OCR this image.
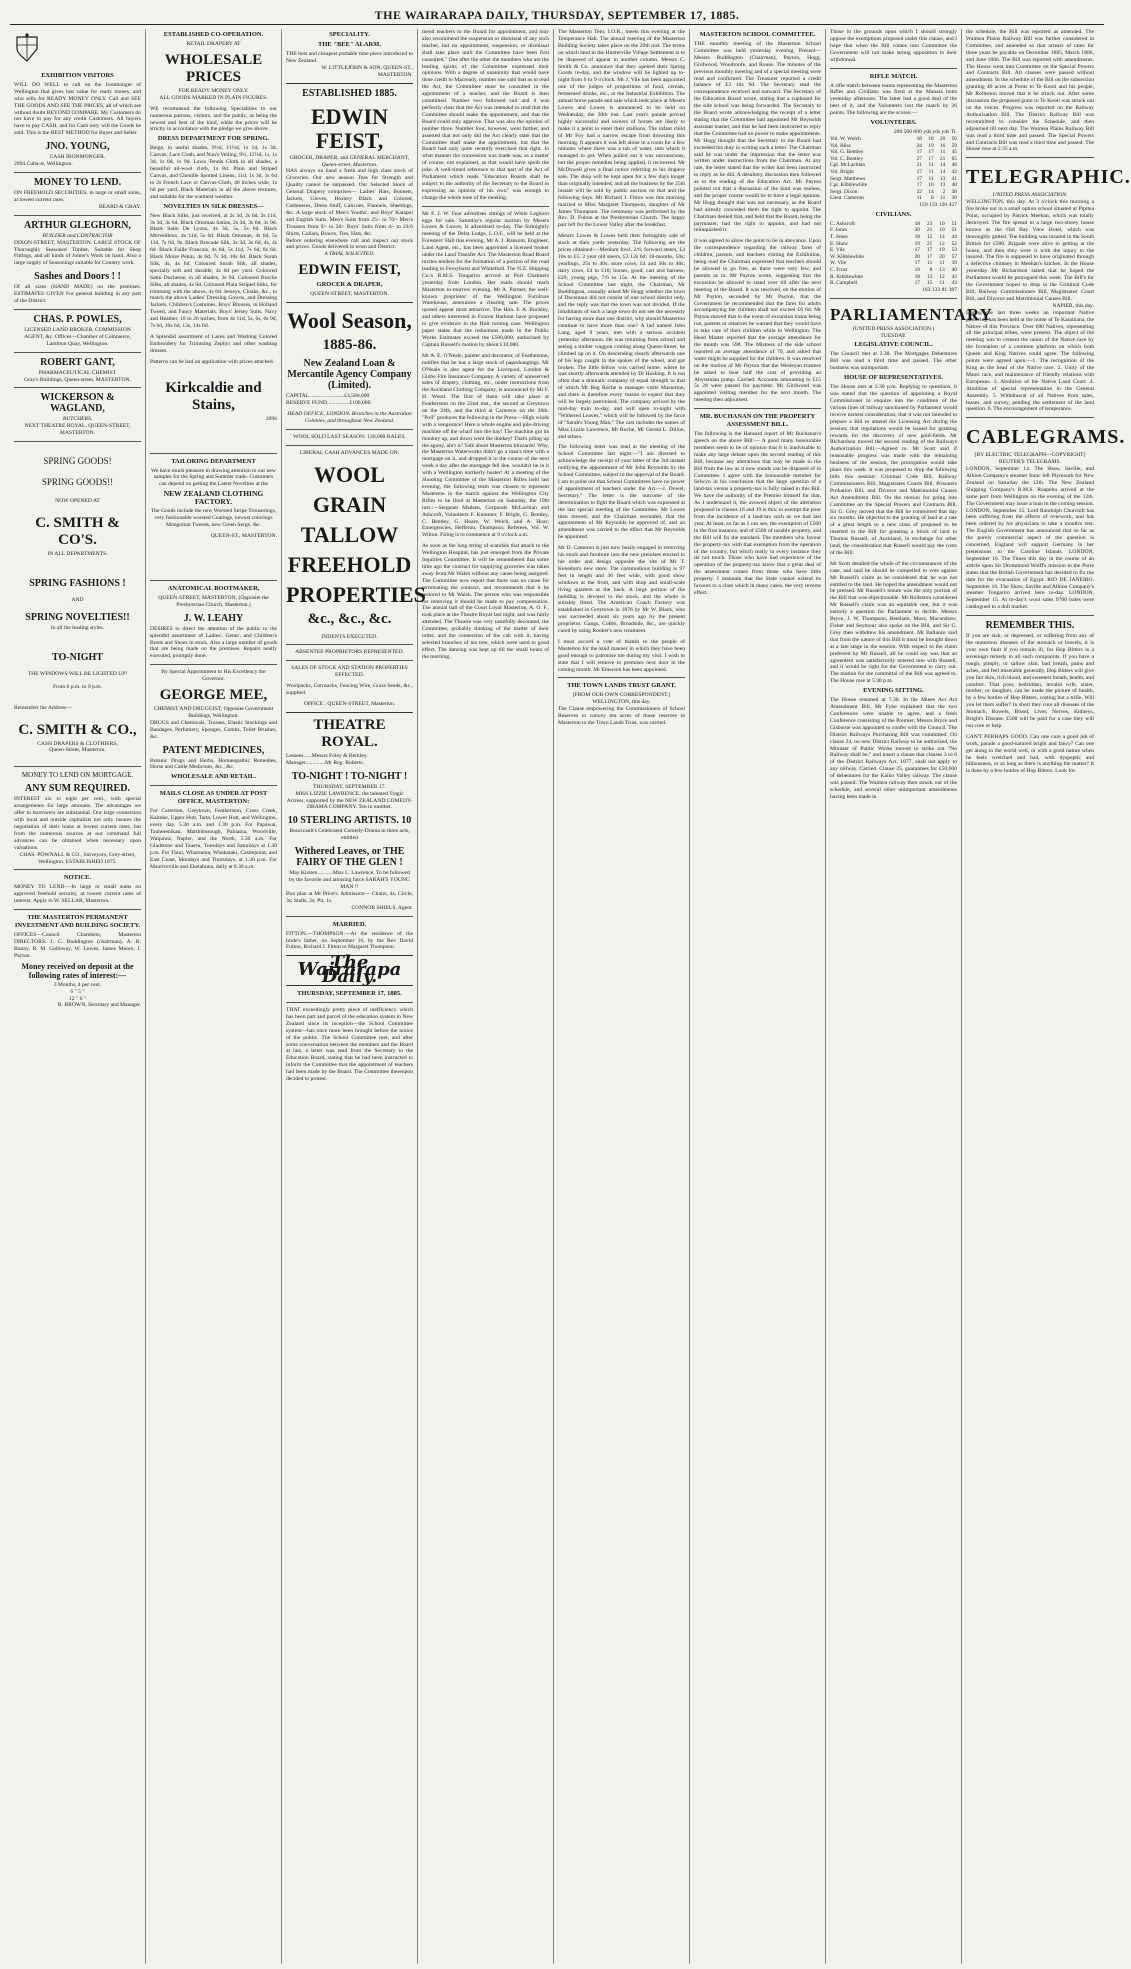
THE WAIRARAPA DAILY, THURSDAY, SEPTEMBER 17, 1885.
EXHIBITION VISITORS
WILL DO WELL to call on the Ironmonger of Wellington that gives lost value for ready money, and who sells for READY MONEY ONLY. Call and SEE THE GOODS AND SEE THE PRICES, all of which are without doubt BEYOND COMPARE. My Customers do not have to pay for any credit Customers. All buyers have to pay CASH, and for Cash only will the Goods be sold. This is the BEST METHOD for Buyer and Seller.
JNO. YOUNG,
CASH IRONMONGER.
2094 Cuba-st, Wellington.
MONEY TO LEND.
ON FREEHOLD SECURITIES, in large or small sums, at lowest current rates.
BEARD & GRAY.
ARTHUR GLEGHORN,
BUILDER and CONTRACTOR
DIXON-STREET, MASTERTON. LARGE STOCK OF Thoroughly Seasoned Timber, Suitable for Shop Fittings, and all kinds of Joiner's Work on hand. Also a large supply of Seasonings suitable for Country work.
Sashes and Doors ! !
Of all sizes (HAND MADE) on the premises. ESTIMATES GIVEN For general building in any part of the District.
CHAS. P. POWLES,
LICENSED LAND BROKER, COMMISSION AGENT, &c. Offices—Chamber of Commerce, Lambton Quay, Wellington.
ROBERT GANT,
PHARMACEUTICAL CHEMIST
Gray's Buildings, Queen-street, MASTERTON.
WICKERSON & WAGLAND,
BUTCHERS,
NEXT THEATRE ROYAL, QUEEN-STREET, MASTERTON.
SPRING GOODS!
SPRING GOODS!!
NOW OPENED AT
C. SMITH & CO'S.
IN ALL DEPARTMENTS.
SPRING FASHIONS !
AND
SPRING NOVELTIES!!
In all the leading styles.
TO-NIGHT
THE WINDOWS WILL BE LIGHTED UP!
From 6 p.m. to 9 p.m.
Remember the Address—
C. SMITH & CO.,
CASH DRAPERS & CLOTHIERS,
Queen-Street, Masterton.
MONEY TO LEND ON MORTGAGE.
ANY SUM REQUIRED.
INTEREST six to eight per cent., with special arrangements for large amounts. The advantages we offer to borrowers are substantial. Our large connection with local and outside capitalists not only insures the negotiation of their loans at lowest current rates, but from the numerous sources at our command full advances can be obtained when necessary upon valuations.
CHAS. POWNALL & CO., Surveyors, Grey-street, Wellington. ESTABLISHED 1875.
NOTICE.
MONEY TO LEND.—In large or small sums on approved freehold security, at lowest current rates of interest. Apply to W. SELLAR, Masterton.
THE MASTERTON PERMANENT INVESTMENT AND BUILDING SOCIETY.
OFFICES—Council Chambers, Masterton DIRECTORS: J. C. Boddington (chairman), A. R. Bunny, R. M. Galloway, W. Lowes, James Moore, J. Payton.
Money received on deposit at the following rates of interest:—
3 Months, 4 per cent.
6 " 5 "
12 " 6 "
R. BROWN, Secretary and Manager.
ESTABLISHED CO-OPERATION.
RETAIL DRAPERY AT
WHOLESALE PRICES
FOR READY MONEY ONLY.
ALL GOODS MARKED IN PLAIN FIGURES.
WE recommend the following Specialities to our numerous patrons, visitors, and the public, as being the newest and best of the kind, while the prices will be strictly in accordance with the pledge we give above.
DRESS DEPARTMENT FOR SPRING.
Beige, in useful shades, 9½d, 11½d, 1s 1d, 1s 3d. Canvas, Lace Cloth, and Nun's Veiling, 9½, 11½d, 1s, 1s 3d, 1s 6d, 1s 9d. Lawn Tennis Cloth in all shades, a beautiful all-wool cloth, 1s 8d. Plain and Striped Canvas, and Chenille Spotted Linens, 11d, 1s 3d, 1s 6d to 2s French Lace or Canvas-Cloth, 40 inches wide, 1s 6d per yard. Black Materials in all the above textures, and suitable for the warmest weather.
NOVELTIES IN SILK DRESSES—
New Black Silks, just received, at 2s 3d, 2s 6d, 2s 11d, 3s 3d, 3s 6d. Black Ottoman Satins, 2s 3d, 3s 6d, 3s 9d. Black Satin De Lyons, 4s 3d, 5s, 5s 6d. Black Merveilleux, 4s 11d, 5s 6d. Black Ottoman, 4s 6d, 5s 11d, 7s 6d, 9s. Black Brocade Silk, 3s 3d, 3s 6d, 4s, 4s 6d. Black Faille Francais, 4s 6d, 5s 11d, 7s 6d, 8s 6d. Black Moire Pekin, 4s 6d, 7s 3d, 10s 6d. Black Surah Silk, 4s, 4s 6d. Coloured Surah Silk, all shades, specially soft and durable, 4s 6d per yard. Coloured Satin Duchesse, in all shades, 3s 9d. Coloured Broche Silks, all shades, 4s 9d. Coloured Plain Striped Silks, for trimming with the above, 4s 6d. Jerseys, Cloaks, &c., to match the above Ladies' Dressing Gowns, and Dressing Jackets. Children's Costumes, Boys' Blouses, in Holland Tweed, and Fancy Materials. Boys' Jersey Suits, Navy and Heather, 18 to 26 inches, from 4s 11d, 5s, 6s, 6s 9d, 7s 6d, 10s 6d, 13s, 14s 6d.
A Splendid assortment of Laces and Washing Colored Embroidery for Trimming Zephyr and other washing dresses.
Patterns can be had on application with prices attached.
Kirkcaldie and Stains,
2096
TAILORING DEPARTMENT
We have much pleasure in drawing attention to our new samples for the Spring and Summer trade. Customers can depend on getting the Latest Novelties at the
NEW ZEALAND CLOTHING FACTORY.
The Goods include the new Worsted Stripe Trouserings, very fashionable worsted Coatings, newest colorings Mongolian Tweeds, new Green Serge, &c.
QUEEN-ST., MASTERTON.
ANATOMICAL BOOTMAKER,
QUEEN-STREET, MASTERTON, (Opposite the Presbyterian Church, Masterton.)
J. W. LEAHY
DESIRES to direct the attention of the public to the splendid assortment of Ladies', Gents', and Children's Boots and Shoes in stock. Also a large number of goods that are being made on the premises. Repairs neatly executed, promptly done.
By Special Appointment to His Excellency the Governor.
GEORGE MEE,
CHEMIST AND DRUGGIST, Opposite Government Buildings, Wellington.
DRUGS and Chemicals, Trusses, Elastic Stockings and Bandages, Perfumery, Sponges, Combs, Toilet Brushes, &c.
PATENT MEDICINES,
Botanic Drugs and Herbs, Homœopathic Remedies, Horse and Cattle Medicines, &c., &c.
WHOLESALE AND RETAIL.
MAILS CLOSE AS UNDER AT POST OFFICE, MASTERTON:
For Carterton, Greytown, Featherston, Cross Creek, Kaitoke, Upper Hutt, Taita, Lower Hutt, and Wellington, every day, 5.30 a.m. and 1.30 p.m. For Papawai, Tauherenikau, Martinborough, Pahiatua, Woodville, Waipawa, Napier, and the North, 5.30 a.m. For Gladstone and Taueru, Tuesdays and Saturdays at 1.30 p.m. For Tinui, Whareama, Whakataki, Castlepoint, and East Coast, Mondays and Thursdays, at 1.30 p.m. For Mauriceville and Eketahuna, daily at 8.30 a.m.
SPECIALITY.
THE "BEE" ALARM.
THE best and cheapest portable time piece introduced to New Zealand.
W. LITTLEJOHN & SON, QUEEN-ST., MASTERTON.
ESTABLISHED 1885.
EDWIN FEIST,
GROCER, DRAPER, and GENERAL MERCHANT,
Queen-street, Masterton.
HAS always on hand a fresh and high class stock of Groceries. Our new season Teas for Strength and Quality cannot be surpassed. Our Selected Stock of General Drapery comprises— Ladies' Hats, Bonnets, Jackets, Gloves, Hosiery Black and Colored, Cashmeres, Dress Stuff, Calicoes, Flannels, Sheetings, &c. A large stock of Men's Youths', and Boys' Kaiapoi and English Suits. Men's Suits from 25/- to 70/- Men's Trousers from 9/- to 20/- Boys' Suits from 4/- to 24/6 Shirts, Collars, Braces, Ties, Hats, &c.
Before ordering elsewhere call and inspect our stock and prices. Goods delivered in town and District.
A TRIAL SOLICITED.
EDWIN FEIST,
GROCER & DRAPER,
QUEEN-STREET, MASTERTON.
Wool Season,
1885-86.
New Zealand Loan & Mercantile Agency Company (Limited).
CAPITAL.........................£3,500,000
RESERVE FUND................£100,000.
HEAD OFFICE, LONDON. Branches in the Australian Colonies, and throughout New Zealand.
WOOL SOLD LAST SEASON: 130,000 BALES.
LIBERAL CASH ADVANCES MADE ON:
WOOL
GRAIN
TALLOW
FREEHOLD
PROPERTIES
&c., &c., &c.
INDENTS EXECUTED.
ABSENTEE PROPRIETORS REPRESENTED.
SALES OF STOCK AND STATION PROPERTIES EFFECTED.
Woolpacks, Cornsacks, Fencing Wire, Grass Seeds, &c., supplied.
OFFICE : QUEEN-STREET, Masterton.
THEATRE ROYAL.
Lessees......Messrs Foley & Berkley. Manager..............Mr Reg. Roberts.
TO-NIGHT ! TO-NIGHT !
THURSDAY, SEPTEMBER 17.
MISS LIZZIE LAWRENCE, the talented Tragic Actress, supported by the NEW ZEALAND COMEDY-DRAMA COMPANY. Ten in number.
10 STERLING ARTISTS. 10
Boucicault's Celebrated Comedy-Drama in three acts, entitled
Withered Leaves, or THE FAIRY OF THE GLEN !
May Kirsten...........Miss L. Lawrence. To be followed by the favorite and amusing farce SARAH'S YOUNG MAN !!
Box plan at Mr Price's. Admission— Chairs, 4s; Circle, 3s; Stalls, 2s; Pit, 1s.
CONNOR SHIELS, Agent.
MARRIED.
FITTON.—THOMPSON.—At the residence of the bride's father, on September 16, by the Rev David Fulton, Richard J. Fitton to Margaret Thompson.
The Wairarapa Daily.
THURSDAY, SEPTEMBER 17, 1885.
THAT exceedingly pretty piece of inefficiency which has been part and parcel of the education system in New Zealand since its inception—the School Committee system—has once more been brought before the notice of the public. The School Committee met, and after some conversation between the members and the Board at last, a letter was read from the Secretary to the Education Board, stating that he had been instructed to inform the Committee that the appointment of teachers had been made by the Board. The Committee thereupon decided to protest.
mend teachers to the Board for appointment, and may also recommend the suspension or dismissal of any such teacher, but no appointment, suspension, or dismissal shall take place until the Committee have been first consulted." One after the other the members who are the leading spirits of the Committee expressed their opinions. With a degree of unanimity that would have done credit to Macready, number one said that as to read the Act, the Committee must be consulted in the appointment of a teacher, and the Board is then committed. Number two followed suit and it was perfectly clear that the Act was intended to read that the Committee should make the appointment, and that the Board could only approve. That was also the opinion of number three. Number four, however, went further, and asserted that not only did the Act clearly state that the Committee shall make the appointment, but that the Board had only quite recently exercised that right. In what manner the concession was made was, as a matter of course, not explained, as that would have spoilt the joke. A well-timed reference to that part of the Act of Parliament which reads "Education Boards shall be subject to the authority of the Secretary to the Board in expressing an opinion of his own" was enough to change the whole tone of the meeting.
Mr F. J. W. Fear advertises sittings of White Leghorn eggs for sale. Saturday's regular auction by Messrs Lowes & Lowes, is advertised to-day. The fortnightly meeting of the Delta Lodge, L.O.F., will be held at the Foresters' Hall this evening. Mr A. J. Ransom, Engineer, Land Agent, etc., has been appointed a licensed broker under the Land Transfer Act. The Masterton Road Board invites tenders for the formation of a portion of the road leading to Fernyhurst and Whiteford. The N.Z. Shipping Co.'s R.M.S. Tongariro arrived at Port Chalmers yesterday from London. Her mails should reach Masterton to-morrow evening. Mr A. Parmer, the well-known proprietor of the Wellington Furniture Warehouse, announces a clearing sale. The prices quoted appear most attractive. The Hon. F. A. Buckley, and others interested in Foxton Harbour have proposed to give evidence in the Hutt turning case. Wellington paper states that the reductions made in the Public Works Estimates exceed the £500,000, authorized by Captain Russell's motion by about £10,000.
Mr A. E. O'Neale, painter and decorator, of Featherston, notifies that he has a large stock of paperhangings. Mr O'Neale is also agent for the Liverpool, London & Globe Fire Insurance Company. A variety of unreserved sales of drapery, clothing, etc., under instructions from the Auckland Clothing Company, is announced by Mr F. H. Wood. The first of them will take place at Featherston on the 22nd inst., the second at Greytown on the 24th, and the third at Carterton on the 26th. "Poll" produces the following in the Press:—High winds with a vengeance! Here a whole engine and pile-driving machine off the wharf into the bay! The machine got its monkey up, and down went the donkey! That's piling up the agony, ain't it? Talk about Masterton blizzards! Why, the Masterton Waterworks didn't go a man's time with a mortgage on it, and dropped it in the course of the next week a day after the mortgage fell due, wouldn't be in it with a Wellington northerly buster! At a meeting of the Shooting Committee of the Masterton Rifles held last evening, the following team was chosen to represent Masterton in the match against the Wellington City Rifles to be fired at Masterton on Saturday, the 19th inst.:—Sergeant Madsen, Corporals McLachlan and Ashcroft, Volunteers F. Kummer, F. Bright, G. Bentley, C. Bentley, G. Hoare, W. Welch, and A. Hoar; Emergencies, Hefferon, Thompson; Referees, Vol. W. Wilton. Firing is to commence at 9 o'clock a.m.
As soon as the long string of scandals that attach to the Wellington Hospital, has just emerged from the Private Inquiries Committee. It will be remembered that some time ago the contract for supplying groceries was taken away from Mr Walsh without any cause being assigned. The Committee now report that there was no cause for terminating the contract, and recommends that it be restored to Mr Walsh. The person who was responsible for removing it should be made to pay compensation. The annual ball of the Court Loyal Masterton, A. O. F., took place at the Theatre Royal last night, and was fairly attended. The Theatre was very tastefully decorated, the Committee, probably thinking of the matter of their order, and the connection of the cab with it, having selected branches of tea tree, which were used to good effect. The dancing was kept up till the small hours of the morning.
The Masterton Tent, I.O.R., meets this evening at the Temperance Hall. The annual meeting of the Masterton Building Society takes place on the 29th inst. The terms on which land in the Hunterville Village Settlement is to be disposed of appear in another column. Messrs C. Smith & Co. announce that they opened their Spring Goods to-day, and the window will be lighted up to-night from 6 to 9 o'clock. Mr J. Vile has been appointed one of the judges of proportions of food, cereals, fermented drinks, etc., at the Industrial Exhibition. The annual horse parade and sale which took place at Messrs Lowes and Lowes is announced to be held on Wednesday, the 30th inst. Last year's parade proved highly successful and owners of horses are likely to make it a point to enter their stallions. The infant child of Mr Foy had a narrow escape from drowning this morning. It appears it was left alone in a room for a few minutes where there was a tub of water, into which it managed to get. When pulled out it was unconscious, but the proper remedies being applied, it recovered. Mr McDowell gives a final notice referring to his drapery sale. The shop will be kept open for a few days longer than originally intended, and all the business by the 25th instant will be sold by public auction on that and the following days. Mr Richard J. Fitton was this morning married to Miss Margaret Thompson, daughter of Mr James Thompson. The ceremony was performed by the Rev. D. Fulton at the Presbyterian Church. The happy pair left for the Lower Valley after the breakfast.
Messrs Lowes & Lowes held their fortnightly sale of stock at their yards yesterday. The following are the prices obtained:—Medium fowl, 2/6; forward steers, £4 10s to £5; 2 year old steers, £3 12s 6d; 18-months, 50s; yearlings, 25s to 40s; store cows, £4 and 30s to 40s; dairy cows, £4 to £10; horses, good, cart and harness, £26; young pigs, 7/6 to 15s. At the meeting of the School Committee last night, the Chairman, Mr Buddington, casually asked Mr Hogg whether the town of Ducentaur did not consist of one school district only, and the reply was that the town was not divided. If the inhabitants of such a large town do not see the necessity for having more than one district, why should Masterton continue to have more than one? A lad named John Lang, aged 9 years, met with a serious accident yesterday afternoon. He was returning from school and seeing a timber waggon coming along Queen-Street, he climbed up on it. On descending clearly afterwards one of his legs caught in the spokes of the wheel, and got broken. The little fellow was carried home, where he was shortly afterwards attended by Dr Hosking. It is not often that a dramatic company of equal strength to that of which Mr Reg Roche is manager visits Masterton, and there is therefore every reason to expect that they will be largely patronised. The company arrived by the mid-day train to-day, and will open to-night with "Withered Leaves," which will be followed by the farce of "Sarah's Young Man." The cast includes the names of Miss Lizzie Lawrence, Mr Roche, Mr Gerald L. Dillon, and others.
The following letter was read at the meeting of the School Committee last night:—"I am directed to acknowledge the receipt of your letter of the 3rd instant notifying the appointment of Mr John Reynolds by the School Committee, subject to the approval of the Board. I am to point out that School Committees have no power of appointment of teachers under the Act.—J. Dowel, Secretary." The letter is the outcome of the determination to fight the Board which was expressed at the last special meeting of the Committee. Mr Lowes then moved, and the Chairman seconded, that the appointment of Mr Reynolds be approved of, and an amendment was carried to the effect that Mr Reynolds be appointed.
Mr D. Cameron is just now busily engaged in removing his stock and furniture into the new premises erected to his order and design opposite the site of Mr T. Kenedon's new store. The commodious building is 97 feet in length and 36 feet wide, with good show windows at the front, and with shop and small-scale living quarters at the back. A large portion of the building is devoted to the stock, and the whole is suitably fitted. The American Coach Factory was established in Greytown in 1876 by Mr W. Black, who was succeeded about six years ago by the present proprietor. Gangs, Cobbs, Broadside, &c., are quickly cured by using Rooker's new treatment.
I must accord a vote of thanks to the people of Masterton for the kind manner in which they have been good enough to patronise me during my visit. I wish to state that I will remove to premises next door in the coming month. Mr Emerson has been appointed.
THE TOWN LANDS TRUST GRANT.
[FROM OUR OWN CORRESPONDENT.] WELLINGTON, this day.
The Clause empowering the Commissioners of School Reserves to convey ten acres of those reserves in Masterton to the Town Lands Trust, was carried.
MASTERTON SCHOOL COMMITTEE.
THE monthly meeting of the Masterton School Committee was held yesterday evening. Present—Messrs Buddington (Chairman), Payton, Hogg, Girdwood, Woodroofe, and Rouse. The minutes of the previous monthly meeting and of a special meeting were read and confirmed. The Treasurer reported a credit balance of £3 10s 9d. The Secretary read the correspondence received and outward. The Secretary of the Education Board wrote, stating that a cupboard for the side school was being forwarded. The Secretary to the Board wrote acknowledging the receipt of a letter stating that the Committee had appointed Mr Reynolds assistant master, and that he had been instructed to reply that the Committee had no power to make appointments. Mr Hogg thought that the Secretary to the Board had exceeded his duty in writing such a letter. The Chairman said he was under the impression that the letter was written under instructions from the Chairman. At any rate, the letter stated that the writer had been instructed to reply as he did. A desultory discussion then followed as to the reading of the Education Act. Mr Payton pointed out that a discussion of the kind was useless, and the proper course would be to have a legal opinion. Mr Hogg thought that was not necessary, as the Board had already conceded them the right to appoint. The Chairman denied that, and held that the Board, being the paymaster, had the right to appoint, and had not relinquished it.
It was agreed to allow the point to lie in abeyance. Upon the correspondence regarding the railway fares of children, parents, and teachers visiting the Exhibition, being read the Chairman expressed that teachers should be allowed to go free, as there were very few, and parents as in. Mr Payton wrote, suggesting that the excursion be allowed to stand over till after the next meeting of the Board. It was resolved, on the motion of Mr Payton, seconded by Mr Payton, that the Government be recommended that the fares for adults accompanying the children shall not exceed £6 6d. Mr Payton moved that in the event of excursion trains being run, parents or relatives be warned that they would have to take care of their children while in Wellington. The Head Master reported that the average attendance for the month was 598. The Mistress of the side school reported an average attendance of 70, and asked that water might be supplied for the children. It was resolved on the motion of Mr Payton that the Wesleyan trustees be asked to bear half the cost of providing an Abyssinian pump. Carried. Accounts amounting to £15 5s 2d were passed for payment. Mr Girdwood was appointed visiting member for the next month. The meeting then adjourned.
MR. BUCHANAN ON THE PROPERTY ASSESSMENT BILL.
The following is the Hansard report of Mr Buchanan's speech on the above Bill:— A good many honourable members seem to be of opinion that it is inadvisable to make any large debate upon the second reading of this Bill, because any alterations that may be made in the Bill from the law as it now stands can be disposed of in Committee. I agree with the honourable member for Selwyn in his conclusion that the large question of a land-tax versus a property-tax is fully raised in this Bill. We have the authority of the Premier himself for that. As I understand it, the avowed object of the alteration proposed in clauses 18 and 19 is this: to exempt the poor from the incidence of a land-tax such as we had last year. At least, so far as I can see, the exemption of £500 in the first instance, and of £500 of taxable property, and the Bill will fix the standard. The members who favour the property-tax with that exemption from the operation of the country, but which really in every instance they do not touch. Those who have had experience of the operation of the property-tax know that a great deal of the assessment comes from those who have little property. I maintain that the State cannot extend its favours to a class which in many cases, the very reverse effect.
Those in the grounds upon which I should strongly oppose the exemptions proposed under this clause, and I hope that when the Bill comes into Committee the Government will not make strong opposition to their withdrawal.
RIFLE MATCH.
A rifle match between teams representing the Masterton Rifles and Civilians was fired at the Manaia butts yesterday afternoon. The latter had a good deal of the best of it, and the Volunteers lost the match by 26 points. The following are the scores:—
VOLUNTEERS.
200 500 600 yds yds yds Tl.
Vol. W. Welch	18	18	20	56
Vol. Bliss	24	19	16	59
Vol. G. Bentley	17	17	11	45
Vol. C. Bentley	27	17	21	65
Cpl. McLachlan	21	11	14	46
Vol. Bright	17	11	14	42
Sergt. Matthews	17	11	13	41
Cpl. Kibblewhite	17	10	13	40
Sergt. Dixon	22	14	2	38
Lieut. Cameron	11	8	11	30
159 133 126 427
CIVILIANS.
C. Ashcroft	18	23	10	51
F. Jones	20	21	10	51
T. Jones	18	12	14	44
E. Shaw	19	21	12	52
E. Vile	17	17	19	53
W. Kibblewhite	20	17	20	57
W. Vile	17	11	11	39
C. Frost	19	8	13	40
R. Kibblewhite	18	13	12	43
R. Campbell	17	15	11	43
163 133 81 387
PARLIAMENTARY
(UNITED PRESS ASSOCIATION.)
TUESDAY.
LEGISLATIVE COUNCIL.
The Council met at 2.30. The Mortgages Debentures Bill was read a third time and passed. The other business was unimportant.
HOUSE OF REPRESENTATIVES.
The House met at 2.30 p.m. Replying to questions, it was stated that the question of appointing a Royal Commissioner to enquire into the condition of the various lines of railway sanctioned by Parliament would receive earnest consideration; that it was not intended to prepare a Bill to amend the Licensing Act during the session; that regulations would be issued for granting rewards for the discovery of new gold-fields. Mr Richardson moved the second reading of the Railways Authorization Bill.—Agreed to. Mr Scott said if reasonable progress was made with the remaining business of the session, the prorogation would take place this week. It was proposed to drop the following bills this session: Criminal Code Bill, Railway Commissioners Bill, Magistrates Courts Bill, Prisoners Probation Bill, and Divorce and Matrimonial Causes Act Amendment Bill. On the motion for going into Committee on the Special Powers and Contracts Bill, Sir G. Grey moved that the Bill be committed that day six months. He objected to the granting of land at a rate of a great length to a new class of proposed to be inserted in the Bill for granting a block of land to Thomas Russell, of Auckland, in exchange for other land, the consideration that Russell would pay the costs of the Bill.
Mr Scott detailed the whole of the circumstances of the case, and said he should be compelled to vote against Mr Russell's claim as he considered that he was not entitled to the land. He hoped the amendment would not be pressed. Mr Russell's tenure was the only portion of the Bill that was objectionable. Mr Rolleston considered Mr Russell's claim was an equitable one, but it was entirely a question for Parliament to decide. Messrs Bryce, J. W. Thompson, Beetham, Moss, Macandrew, Fisher and Seymour also spoke on the Bill, and Sir G. Grey then withdrew his amendment. Mr Ballance said that from the nature of this Bill it must be brought down at a late stage in the session. With respect to the claim preferred by Mr Russell, all he could say was that an agreement was satisfactorily entered into with Russell, and it would be right for the Government to carry out. The motion for the committal of the Bill was agreed to. The House rose at 5.30 p.m.
EVENING SITTING.
The House resumed at 7.30. In the Mines Act Act Amendment Bill, Mr Fyke explained that the two Conferences were unable to agree, and a fresh Conference consisting of the Premier, Messrs Bryce and Gisborne was appointed to confer with the Council. The District Railways Purchasing Bill was committed. On clause 24, no new District Railway to be authorised, the Minister of Public Works moved to strike out "No Railway shall be," and insert a clause that clauses 3 to 6 of the District Railways Act, 1877, shall not apply to any railway. Carried. Clause 25, guarantees for £50,000 of debentures for the Kaiko Valley railway. The clause was passed. The Waimea railway then struck out of the schedule, and several other unimportant amendments having been made in
the schedule, the Bill was reported as amended. The Waimea Plains Railway Bill was further considered in Committee, and amended so that arrears of rates for three years be payable on December 1885, March 1886, and June 1886. The Bill was reported with amendments. The House went into Committee on the Special Powers and Contracts Bill. All clauses were passed without amendment. In the schedule of the Bill on the subsection granting 40 acres at Porus to Te Kooti and his people, Mr Rolleston moved that it be struck out. After some discussion the proposed grant to Te Kooti was struck out on the voices. Progress was reported on the Railway Authorisation Bill. The District Railway Bill was recommitted to consider the Schedule, and then adjourned till next day. The Waimea Plains Railway Bill was read a third time and passed. The Special Powers and Contracts Bill was read a third time and passed. The House rose at 2.35 a.m.
TELEGRAPHIC.
UNITED PRESS ASSOCIATION.
WELLINGTON, this day. At 3 o'clock this morning a fire broke out in a small option school situated at Pipitea Point, occupied by Patrick Meehan, which was totally destroyed. The fire spread to a large two-storey house known as the Old Bay View Hotel, which was thoroughly gutted. The building was insured in the South British for £500. Brigade were alive in getting at the house, and then they were it with the injury to the insured. The fire is supposed to have originated through a defective chimney in Meehan's kitchen. In the House yesterday Mr Richardson stated that he hoped the Parliament would be prorogued this week. The Bill's for the Government hoped to drop in the Criminal Code Bill, Railway Commissioners Bill, Magistrates' Court Bill, and Divorce and Matrimonial Causes Bill.
NAPIER, this day.
During the last three weeks an important Native gathering has been held at the home of Te Karaitiana, the Native of this Province. Over 600 Natives, representing all the principal tribes, were present. The object of the meeting was to cement the union of the Native race by the formation of a common platform on which both Queen and King Natives could agree. The following points were agreed upon:—1. The recognition of the King as the head of the Native race. 2. Unity of the Maori race, and maintenance of friendly relations with Europeans. 3. Abolition of the Native Land Court. 4. Abolition of special representation in the General Assembly. 5. Withdrawal of all Natives from sales, leases, and survey, pending the settlement of the land question. 6. The encouragement of temperance.
CABLEGRAMS.
[BY ELECTRIC TELEGRAPH—COPYRIGHT] REUTER'S TELEGRAMS.
LONDON, September 14. The Shaw, Saville, and Albion Company's steamer Ionic left Plymouth for New Zealand on Saturday the 12th. The New Zealand Shipping Company's R.M.S. Ruapehu arrived at the same port from Wellington on the evening of the 12th. The Government may issue a loan in the coming session. LONDON, September 15. Lord Randolph Churchill has been suffering from the effects of overwork, and has been ordered by his physicians to take a month's rest. The English Government has announced that so far as the purely commercial aspect of the question is concerned, England will support Germany in her pretensions to the Caroline Islands. LONDON, September 16. The Times this day in the course of an article upon Sir Drummond Wolff's mission to the Porte states that the British Government has decided to fix the date for the evacuation of Egypt. RIO DE JANEIRO, September 16. The Shaw, Saville and Albion Company's steamer Tongariro arrived here to-day. LONDON, September 15. At to-day's wool sales 9700 bales were catalogued to a dull market.
REMEMBER THIS.
If you are sick, or depressed, or suffering from any of the numerous diseases of the stomach or bowels, it is your own fault if you remain ill, for Hop Bitters is a sovereign remedy in all such complaints. If you have a rough, pimply, or sallow skin, bad breath, pains and aches, and feel miserable generally, Hop Bitters will give you fair skin, rich blood, and sweetest breath, health, and comfort. That poor, bedridden, invalid wife, sister, mother, or daughter, can be made the picture of health, by a few bottles of Hop Bitters, costing but a trifle. Will you let them suffer? In short they cure all diseases of the Stomach, Bowels, Blood, Liver, Nerves, Kidneys, Bright's Disease. £500 will be paid for a case they will not cure or help.
CAN'T PERHAPS GOOD. Can one cure a good job of work, parade a good-natured bright and fancy? Can one get along in the world well, or with a good nature when he feels wretched and bad, with dyspeptic and biliousness, or as long as there is anything the matter? It is done by a few bottles of Hop Bitters. Look for.
